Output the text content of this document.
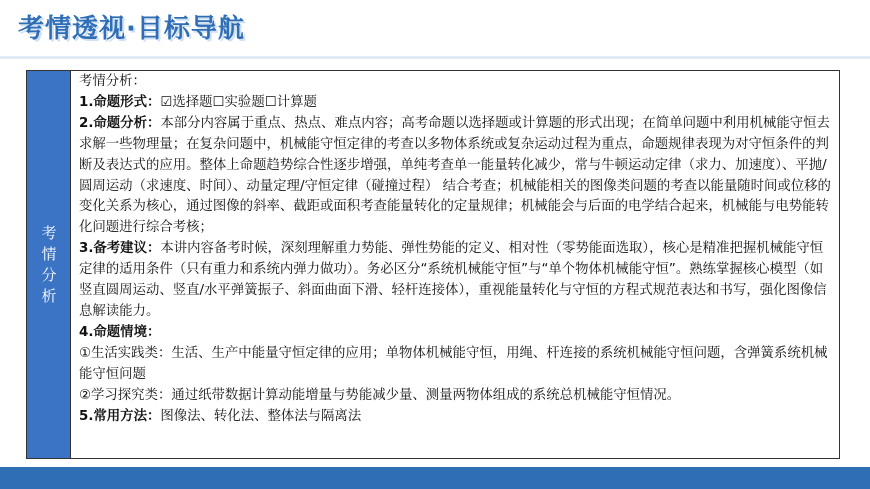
考情透视·目标导航
考
情
分
析

考情分析：

1.命题形式：☑选择题☐实验题☐计算题

2.命题分析：本部分内容属于重点、热点、难点内容；高考命题以选择题或计算题的形式出现；在简单问题中利用机械能守恒去求解一些物理量；在复杂问题中，机械能守恒定律的考查以多物体系统或复杂运动过程为重点，命题规律表现为对守恒条件的判断及表达式的应用。整体上命题趋势综合性逐步增强，单纯考查单一能量转化减少，常与牛顿运动定律（求力、加速度）、平抛/圆周运动（求速度、时间）、动量定理/守恒定律（碰撞过程） 结合考查；机械能相关的图像类问题的考查以能量随时间或位移的变化关系为核心，通过图像的斜率、截距或面积考查能量转化的定量规律；机械能会与后面的电学结合起来，机械能与电势能转化问题进行综合考核；

3.备考建议：本讲内容备考时候，深刻理解重力势能、弹性势能的定义、相对性（零势能面选取），核心是精准把握机械能守恒定律的适用条件（只有重力和系统内弹力做功）。务必区分“系统机械能守恒”与“单个物体机械能守恒”。熟练掌握核心模型（如竖直圆周运动、竖直/水平弹簧振子、斜面曲面下滑、轻杆连接体），重视能量转化与守恒的方程式规范表达和书写，强化图像信息解读能力。

4.命题情境：

①生活实践类：生活、生产中能量守恒定律的应用；单物体机械能守恒，用绳、杆连接的系统机械能守恒问题，含弹簧系统机械能守恒问题

②学习探究类：通过纸带数据计算动能增量与势能减少量、测量两物体组成的系统总机械能守恒情况。

5.常用方法：图像法、转化法、整体法与隔离法
